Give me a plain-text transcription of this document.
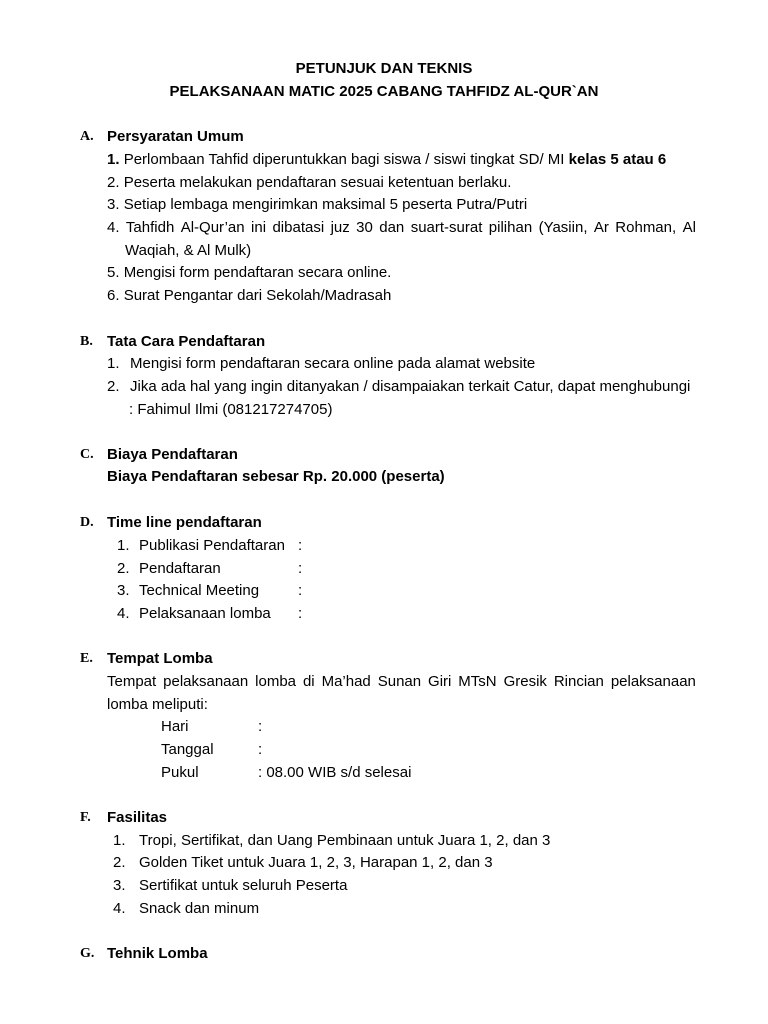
PETUNJUK DAN TEKNIS
PELAKSANAAN MATIC 2025 CABANG TAHFIDZ AL-QUR`AN
A. Persyaratan Umum
1. Perlombaan Tahfid diperuntukkan bagi siswa / siswi tingkat SD/ MI kelas 5 atau 6
2. Peserta melakukan pendaftaran sesuai ketentuan berlaku.
3. Setiap lembaga mengirimkan maksimal 5 peserta Putra/Putri
4. Tahfidh Al-Qur’an ini dibatasi juz 30 dan suart-surat pilihan (Yasiin, Ar Rohman, Al
Waqiah, & Al Mulk)
5. Mengisi form pendaftaran secara online.
6. Surat Pengantar dari Sekolah/Madrasah
B. Tata Cara Pendaftaran
1. Mengisi form pendaftaran secara online pada alamat website
2. Jika ada hal yang ingin ditanyakan / disampaiakan terkait Catur, dapat menghubungi
: Fahimul Ilmi (081217274705)
C. Biaya Pendaftaran
Biaya Pendaftaran sebesar Rp. 20.000 (peserta)
D. Time line pendaftaran
1. Publikasi Pendaftaran :
2. Pendaftaran	:
3. Technical Meeting	:
4. Pelaksanaan lomba :
E. Tempat Lomba
Tempat pelaksanaan lomba di Ma’had Sunan Giri MTsN Gresik Rincian pelaksanaan
lomba meliputi:
Hari	:
Tanggal	:
Pukul	: 08.00 WIB s/d selesai
F. Fasilitas
1. Tropi, Sertifikat, dan Uang Pembinaan untuk Juara 1, 2, dan 3
2. Golden Tiket untuk Juara 1, 2, 3, Harapan 1, 2, dan 3
3. Sertifikat untuk seluruh Peserta
4. Snack dan minum
G. Tehnik Lomba
